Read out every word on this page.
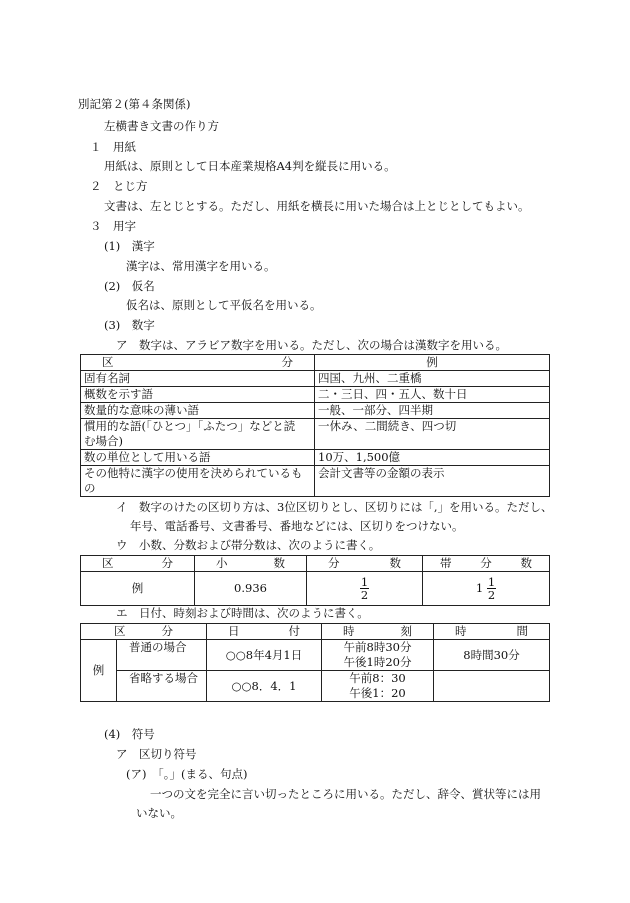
別記第２(第４条関係)
左横書き文書の作り方
１　用紙
用紙は、原則として日本産業規格A4判を縦長に用いる。
２　とじ方
文書は、左とじとする。ただし、用紙を横長に用いた場合は上とじとしてもよい。
３　用字
(1)　漢字
漢字は、常用漢字を用いる。
(2)　仮名
仮名は、原則として平仮名を用いる。
(3)　数字
ア　数字は、アラビア数字を用いる。ただし、次の場合は漢数字を用いる。
区 分	例
固有名詞	四国、九州、二重橋
概数を示す語	二・三日、四・五人、数十日
数量的な意味の薄い語	一般、一部分、四半期

慣用的な語(「ひとつ」「ふたつ」などと読
む場合)	一休み、二間続き、四つ切
数の単位として用いる語	10万、1,500億

その他特に漢字の使用を決められているも
の	会計文書等の金額の表示
イ　数字のけたの区切り方は、3位区切りとし、区切りには「,」を用いる。ただし、
年号、電話番号、文書番号、番地などには、区切りをつけない。
ウ　小数、分数および帯分数は、次のように書く。
区 分	小 数	分 数	帯 分 数

例	0.936	$\frac{1}{2}$	$1 \frac{1}{2}$
エ　日付、時刻および時間は、次のように書く。
区 分		日 付	時 刻	時 間

例	普通の場合	○○8年4月1日	午前8時30分
午後1時20分	8時間30分
	省略する場合	○○8．4．1	午前8：30
午後1：20	

(4)　符号
ア　区切り符号
(ア)　「。」(まる、句点)
一つの文を完全に言い切ったところに用いる。ただし、辞令、賞状等には用
いない。
